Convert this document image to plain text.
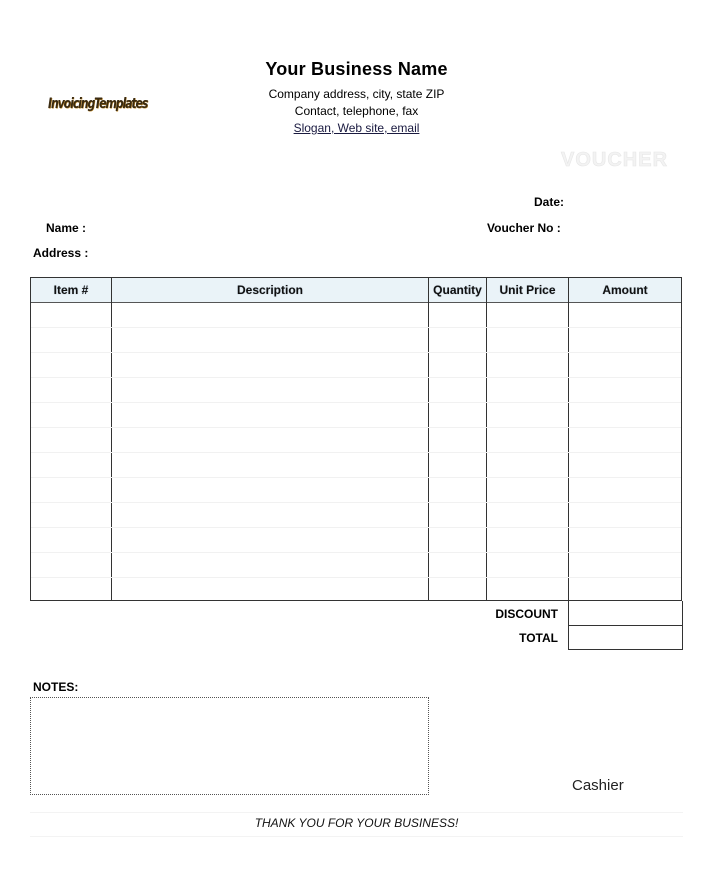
Your Business Name
Company address, city, state ZIP
Contact, telephone, fax
Slogan, Web site, email
InvoicingTemplates
VOUCHER
Date:
Name :	Voucher No :
Address :
Item #	Description	Quantity	Unit Price	Amount
DISCOUNT
TOTAL
NOTES:
Cashier
THANK YOU FOR YOUR BUSINESS!
